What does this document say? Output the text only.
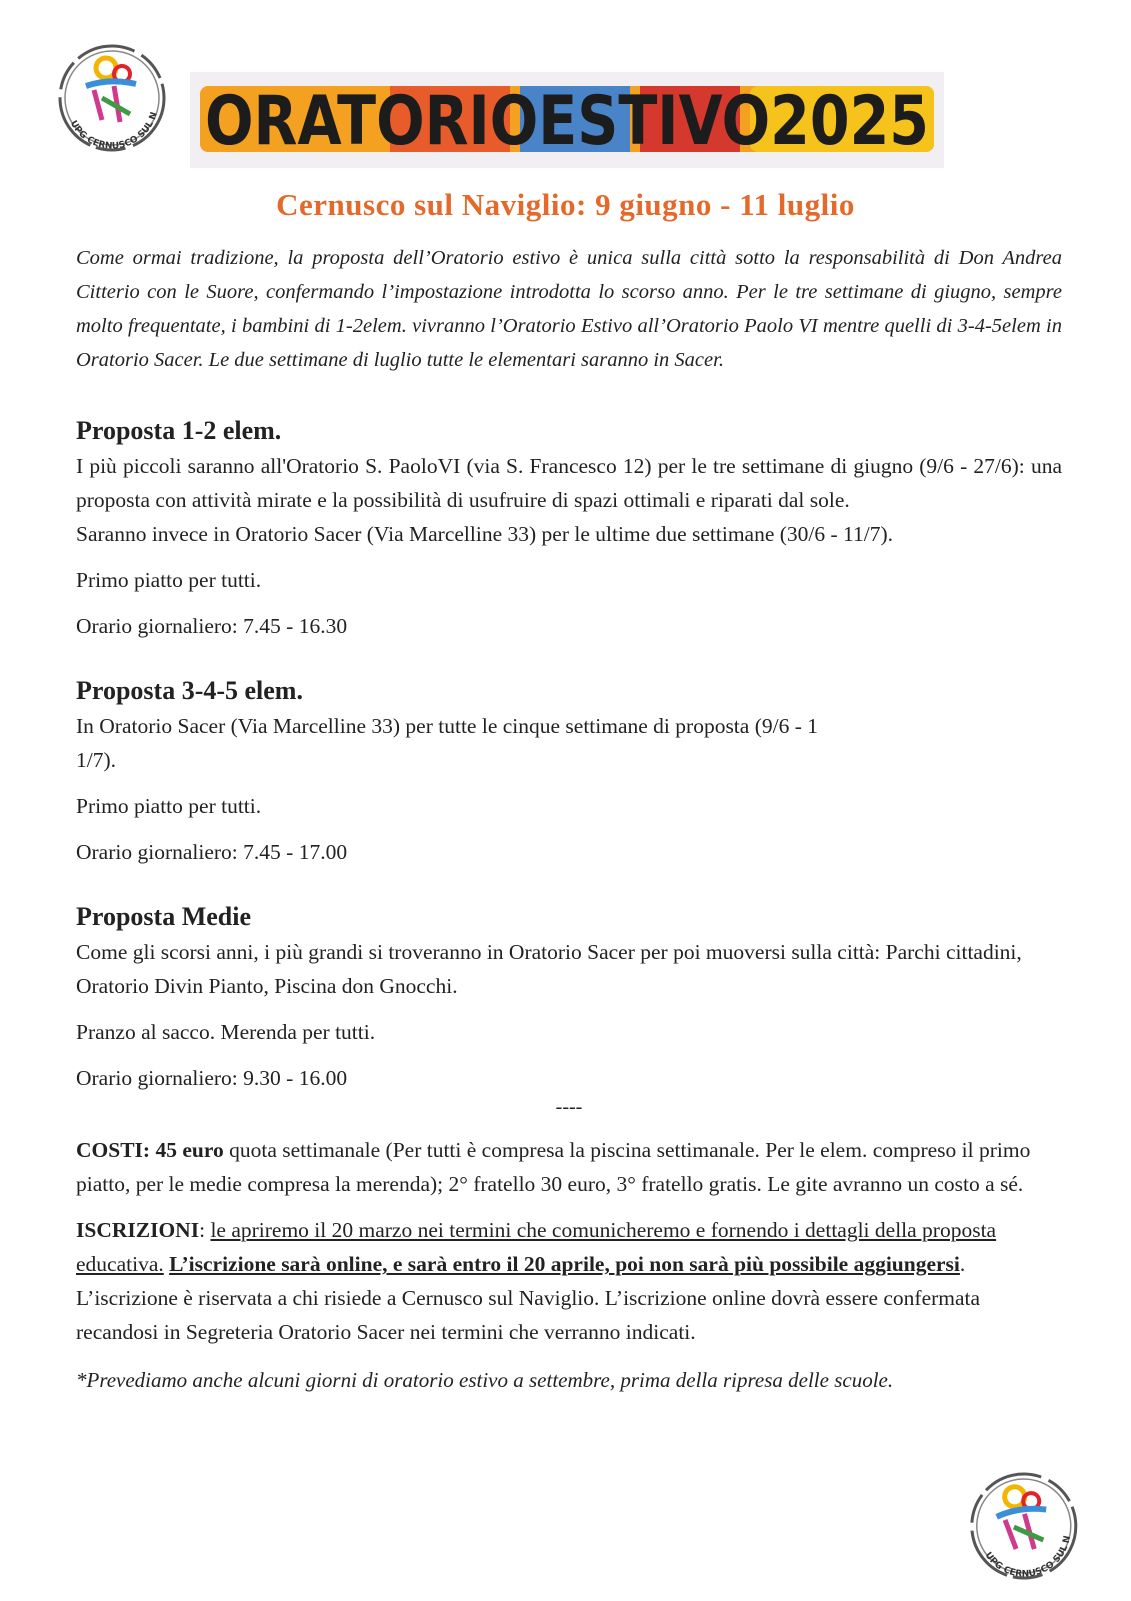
UPG CERNUSCO SUL N ORATORIOESTIVO2025

Cernusco sul Naviglio: 9 giugno - 11 luglio

Come ormai tradizione, la proposta dell’Oratorio estivo è unica sulla città sotto la responsabilità di Don Andrea Citterio con le Suore, confermando l’impostazione introdotta lo scorso anno. Per le tre settimane di giugno, sempre molto frequentate, i bambini di 1-2elem. vivranno l’Oratorio Estivo all’Oratorio Paolo VI mentre quelli di 3-4-5elem in Oratorio Sacer. Le due settimane di luglio tutte le elementari saranno in Sacer.

Proposta 1-2 elem.

I più piccoli saranno all'Oratorio S. PaoloVI (via S. Francesco 12) per le tre settimane di giugno (9/6 - 27/6): una proposta con attività mirate e la possibilità di usufruire di spazi ottimali e riparati dal sole.

Saranno invece in Oratorio Sacer (Via Marcelline 33) per le ultime due settimane (30/6 - 11/7).

Primo piatto per tutti.

Orario giornaliero: 7.45 - 16.30

Proposta 3-4-5 elem.

In Oratorio Sacer (Via Marcelline 33) per tutte le cinque settimane di proposta (9/6 - 1

1/7).

Primo piatto per tutti.

Orario giornaliero: 7.45 - 17.00

Proposta Medie

Come gli scorsi anni, i più grandi si troveranno in Oratorio Sacer per poi muoversi sulla città: Parchi cittadini, Oratorio Divin Pianto, Piscina don Gnocchi.

Pranzo al sacco. Merenda per tutti.

Orario giornaliero: 9.30 - 16.00

----

COSTI: 45 euro quota settimanale (Per tutti è compresa la piscina settimanale. Per le elem. compreso il primo piatto, per le medie compresa la merenda); 2° fratello 30 euro, 3° fratello gratis. Le gite avranno un costo a sé.

ISCRIZIONI: le apriremo il 20 marzo nei termini che comunicheremo e fornendo i dettagli della proposta educativa. L’iscrizione sarà online, e sarà entro il 20 aprile, poi non sarà più possibile aggiungersi. L’iscrizione è riservata a chi risiede a Cernusco sul Naviglio. L’iscrizione online dovrà essere confermata recandosi in Segreteria Oratorio Sacer nei termini che verranno indicati.

*Prevediamo anche alcuni giorni di oratorio estivo a settembre, prima della ripresa delle scuole.

UPG CERNUSCO SUL NAVIGLIO
